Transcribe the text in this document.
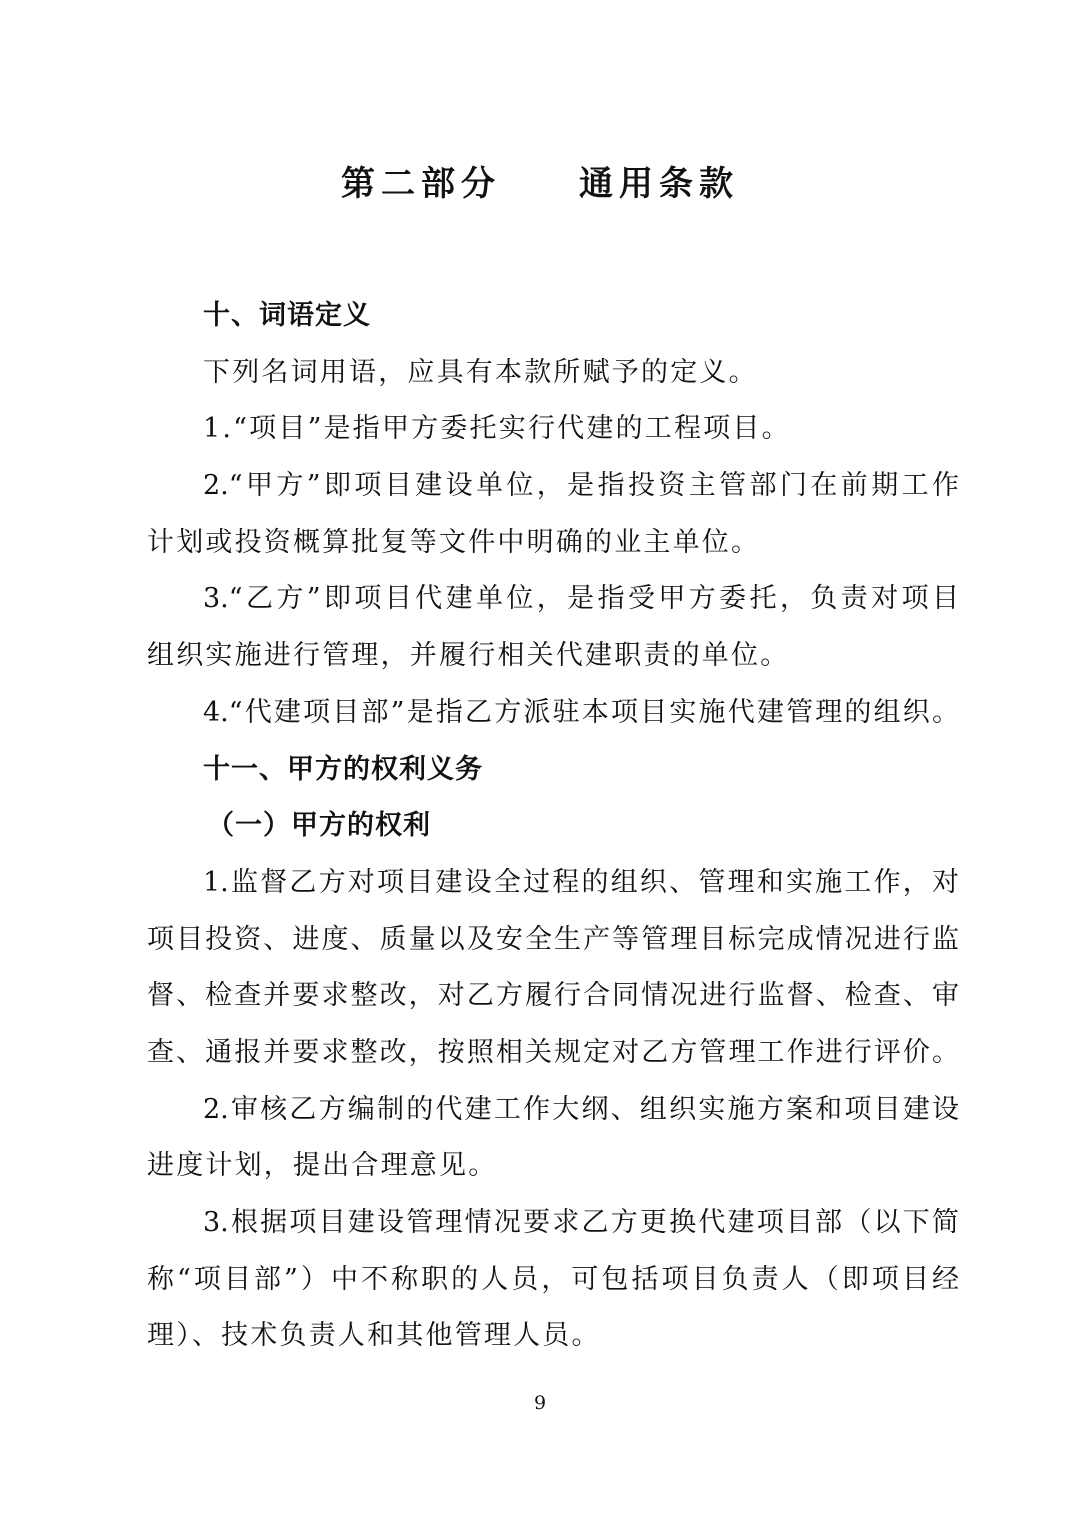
第二部分 通用条款
十、词语定义
下列名词用语，应具有本款所赋予的定义。
1.“项目”是指甲方委托实行代建的工程项目。
2.“甲方”即项目建设单位，是指投资主管部门在前期工作
计划或投资概算批复等文件中明确的业主单位。
3.“乙方”即项目代建单位，是指受甲方委托，负责对项目
组织实施进行管理，并履行相关代建职责的单位。
4.“代建项目部”是指乙方派驻本项目实施代建管理的组织。
十一、甲方的权利义务
（一）甲方的权利
1.监督乙方对项目建设全过程的组织、管理和实施工作，对
项目投资、进度、质量以及安全生产等管理目标完成情况进行监
督、检查并要求整改，对乙方履行合同情况进行监督、检查、审
查、通报并要求整改，按照相关规定对乙方管理工作进行评价。
2.审核乙方编制的代建工作大纲、组织实施方案和项目建设
进度计划，提出合理意见。
3.根据项目建设管理情况要求乙方更换代建项目部（以下简
称“项目部”）中不称职的人员，可包括项目负责人（即项目经
理）、技术负责人和其他管理人员。
9
